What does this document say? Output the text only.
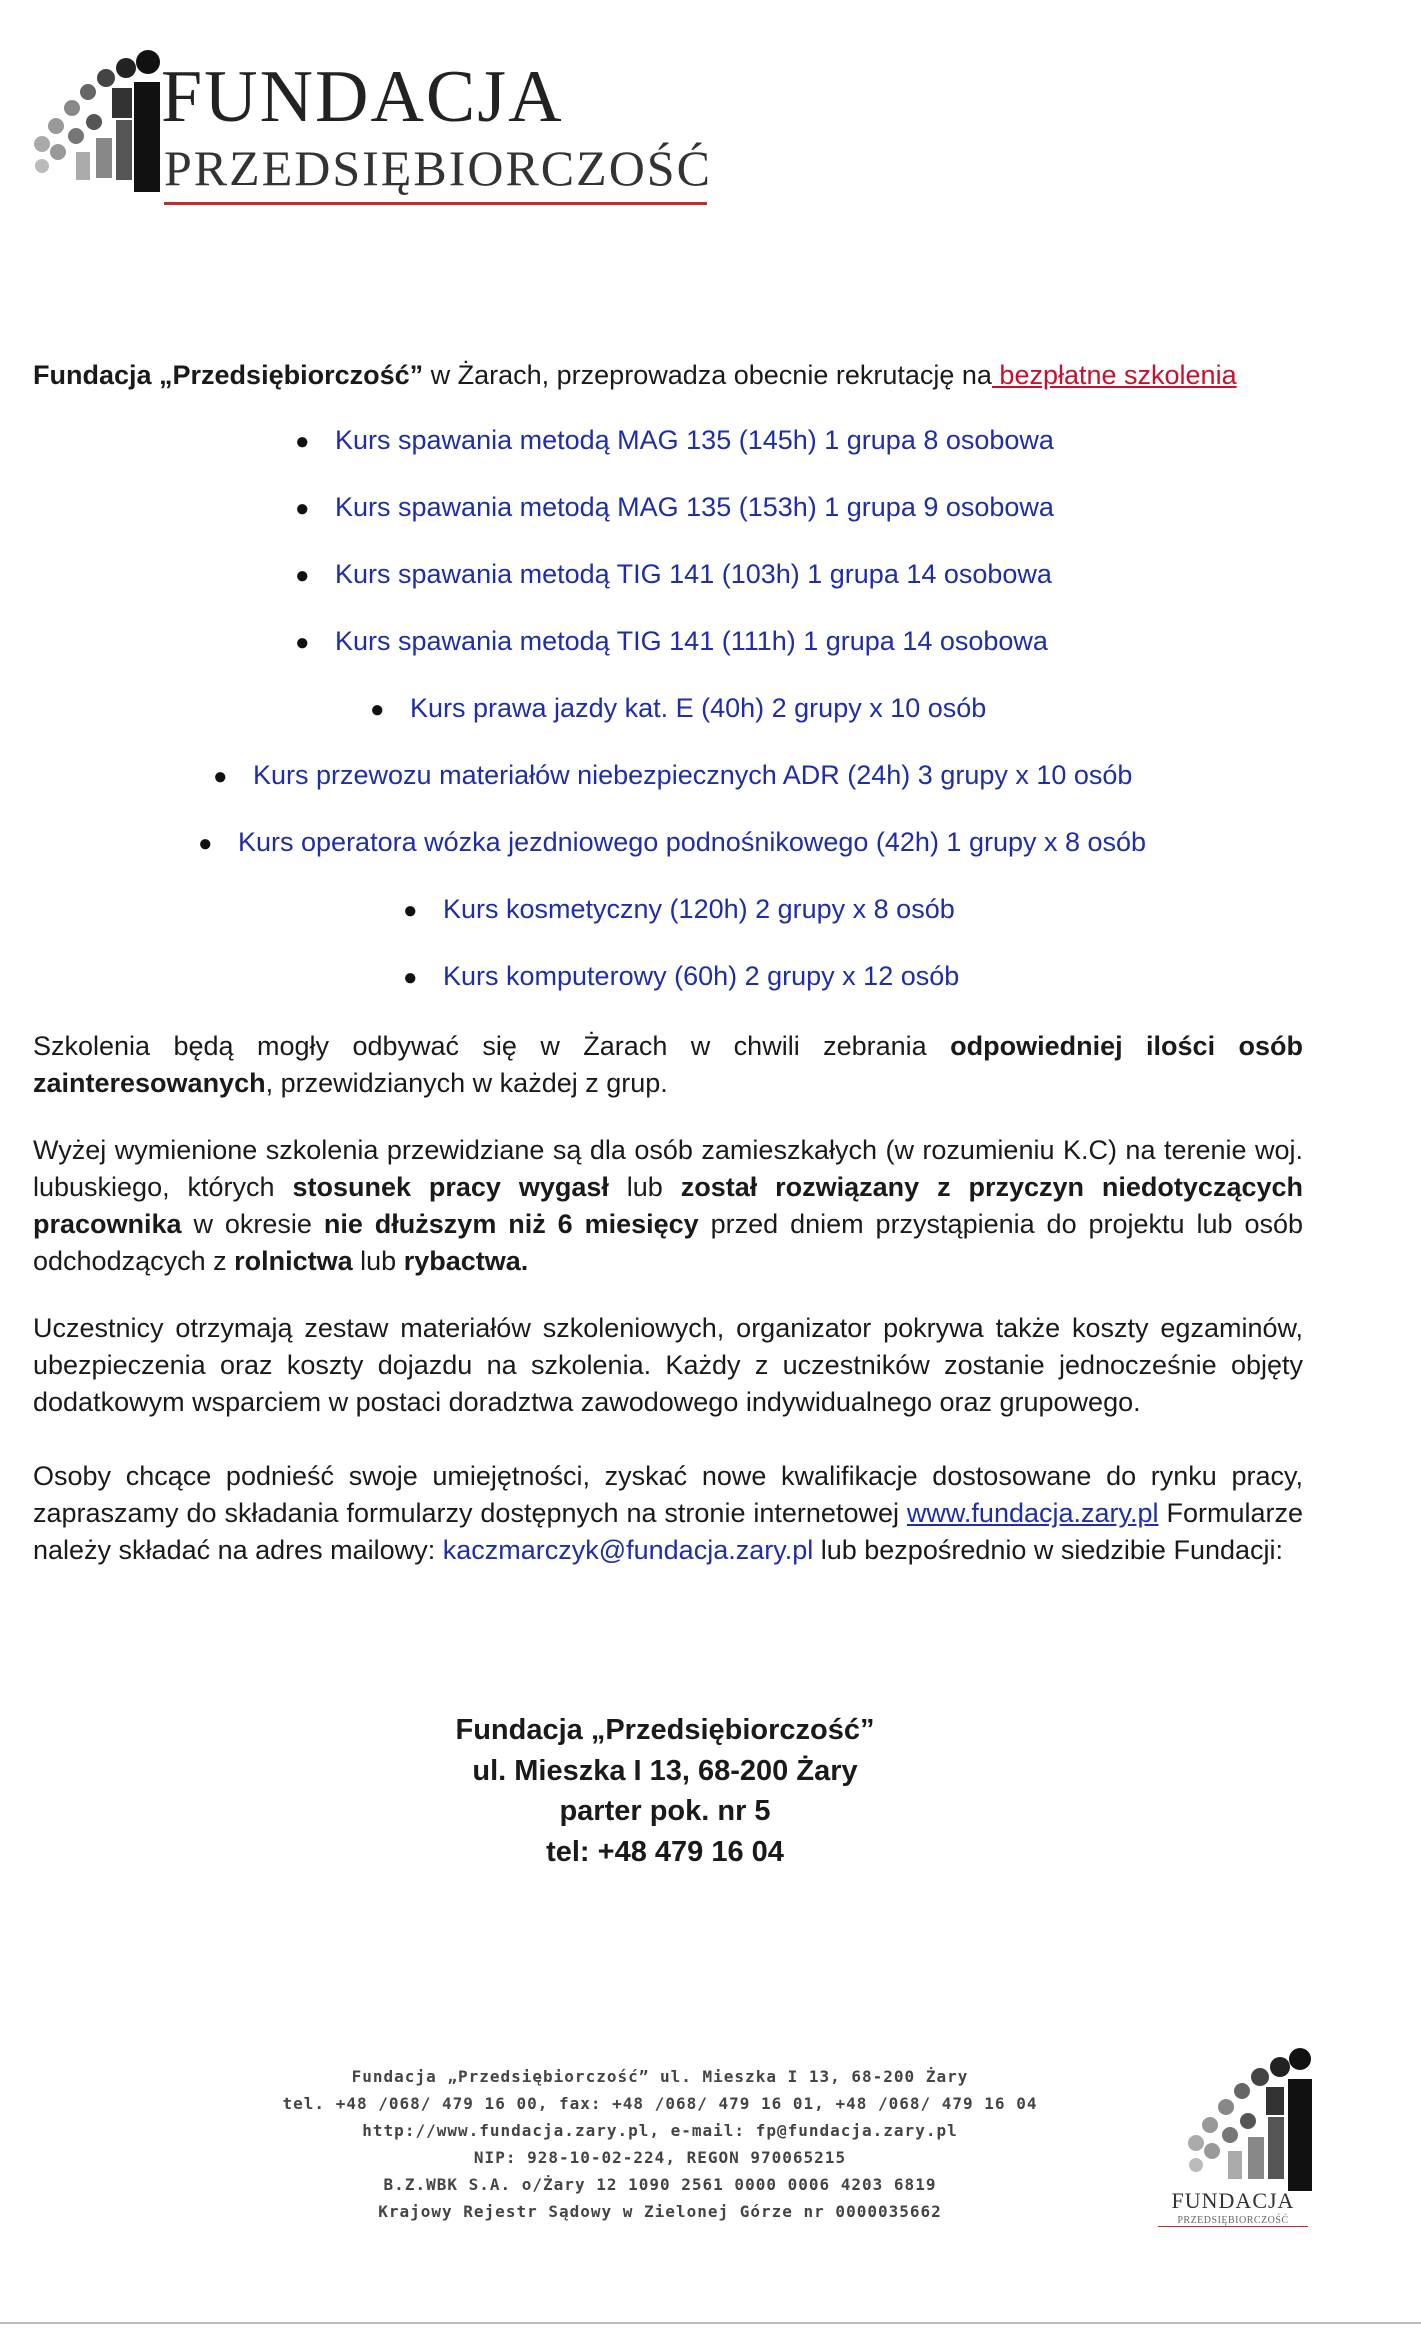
FUNDACJA
PRZEDSIĘBIORCZOŚĆ

Fundacja „Przedsiębiorczość” w Żarach, przeprowadza obecnie rekrutację na bezpłatne szkolenia

● Kurs spawania metodą MAG 135 (145h) 1 grupa 8 osobowa
● Kurs spawania metodą MAG 135 (153h) 1 grupa 9 osobowa
● Kurs spawania metodą TIG 141 (103h) 1 grupa 14 osobowa
● Kurs spawania metodą TIG 141 (111h) 1 grupa 14 osobowa
● Kurs prawa jazdy kat. E (40h) 2 grupy x 10 osób
● Kurs przewozu materiałów niebezpiecznych ADR (24h) 3 grupy x 10 osób
● Kurs operatora wózka jezdniowego podnośnikowego (42h) 1 grupy x 8 osób
● Kurs kosmetyczny (120h) 2 grupy x 8 osób
● Kurs komputerowy (60h) 2 grupy x 12 osób

Szkolenia będą mogły odbywać się w Żarach w chwili zebrania odpowiedniej ilości osób zainteresowanych, przewidzianych w każdej z grup.

Wyżej wymienione szkolenia przewidziane są dla osób zamieszkałych (w rozumieniu K.C) na terenie woj. lubuskiego, których stosunek pracy wygasł lub został rozwiązany z przyczyn niedotyczących pracownika w okresie nie dłuższym niż 6 miesięcy przed dniem przystąpienia do projektu lub osób odchodzących z rolnictwa lub rybactwa.

Uczestnicy otrzymają zestaw materiałów szkoleniowych, organizator pokrywa także koszty egzaminów, ubezpieczenia oraz koszty dojazdu na szkolenia. Każdy z uczestników zostanie jednocześnie objęty dodatkowym wsparciem w postaci doradztwa zawodowego indywidualnego oraz grupowego.

Osoby chcące podnieść swoje umiejętności, zyskać nowe kwalifikacje dostosowane do rynku pracy, zapraszamy do składania formularzy dostępnych na stronie internetowej www.fundacja.zary.pl Formularze należy składać na adres mailowy: kaczmarczyk@fundacja.zary.pl lub bezpośrednio w siedzibie Fundacji:

Fundacja „Przedsiębiorczość”
ul. Mieszka I 13, 68-200 Żary
parter pok. nr 5
tel: +48 479 16 04
Fundacja „Przedsiębiorczość” ul. Mieszka I 13, 68-200 Żary
tel. +48 /068/ 479 16 00, fax: +48 /068/ 479 16 01, +48 /068/ 479 16 04
http://www.fundacja.zary.pl, e-mail: fp@fundacja.zary.pl
NIP: 928-10-02-224, REGON 970065215
B.Z.WBK S.A. o/Żary 12 1090 2561 0000 0006 4203 6819
Krajowy Rejestr Sądowy w Zielonej Górze nr 0000035662	FUNDACJA
PRZEDSIĘBIORCZOŚĆ
